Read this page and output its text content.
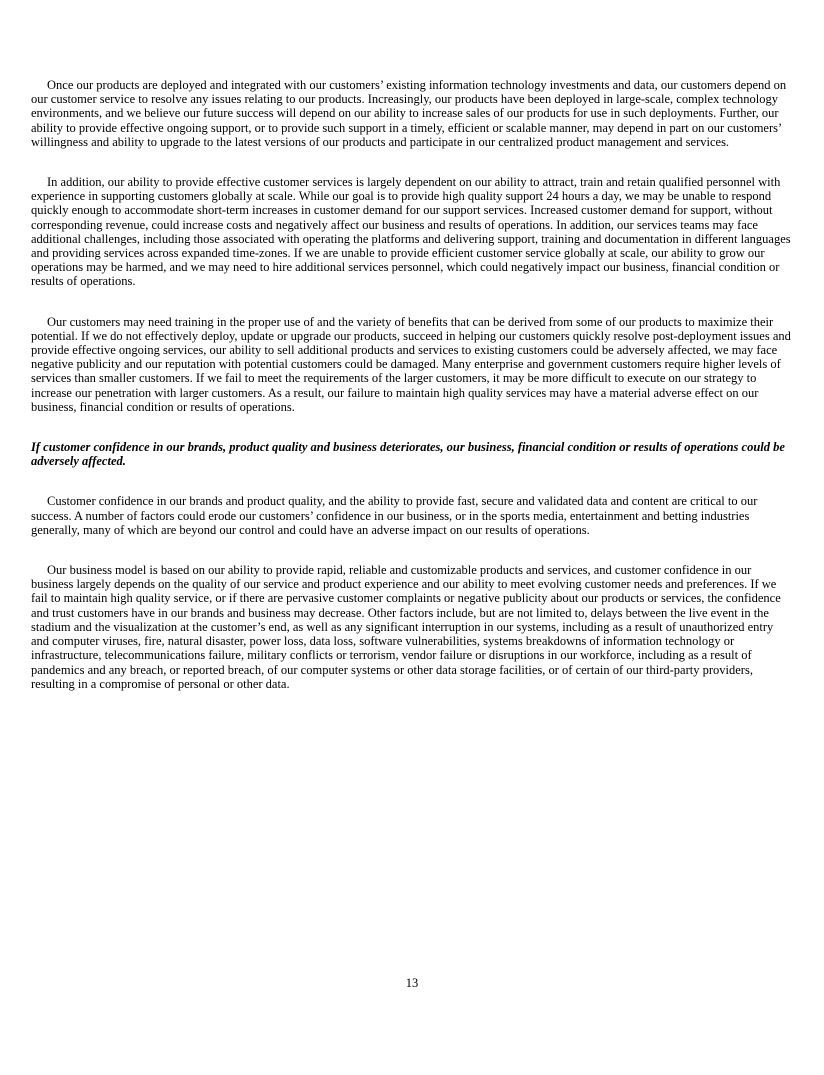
Once our products are deployed and integrated with our customers’ existing information technology investments and data, our customers depend on our customer service to resolve any issues relating to our products. Increasingly, our products have been deployed in large-scale, complex technology environments, and we believe our future success will depend on our ability to increase sales of our products for use in such deployments. Further, our ability to provide effective ongoing support, or to provide such support in a timely, efficient or scalable manner, may depend in part on our customers’ willingness and ability to upgrade to the latest versions of our products and participate in our centralized product management and services.

In addition, our ability to provide effective customer services is largely dependent on our ability to attract, train and retain qualified personnel with experience in supporting customers globally at scale. While our goal is to provide high quality support 24 hours a day, we may be unable to respond quickly enough to accommodate short-term increases in customer demand for our support services. Increased customer demand for support, without corresponding revenue, could increase costs and negatively affect our business and results of operations. In addition, our services teams may face additional challenges, including those associated with operating the platforms and delivering support, training and documentation in different languages and providing services across expanded time-zones. If we are unable to provide efficient customer service globally at scale, our ability to grow our operations may be harmed, and we may need to hire additional services personnel, which could negatively impact our business, financial condition or results of operations.

Our customers may need training in the proper use of and the variety of benefits that can be derived from some of our products to maximize their potential. If we do not effectively deploy, update or upgrade our products, succeed in helping our customers quickly resolve post-deployment issues and provide effective ongoing services, our ability to sell additional products and services to existing customers could be adversely affected, we may face negative publicity and our reputation with potential customers could be damaged. Many enterprise and government customers require higher levels of services than smaller customers. If we fail to meet the requirements of the larger customers, it may be more difficult to execute on our strategy to increase our penetration with larger customers. As a result, our failure to maintain high quality services may have a material adverse effect on our business, financial condition or results of operations.

If customer confidence in our brands, product quality and business deteriorates, our business, financial condition or results of operations could be adversely affected.

Customer confidence in our brands and product quality, and the ability to provide fast, secure and validated data and content are critical to our success. A number of factors could erode our customers’ confidence in our business, or in the sports media, entertainment and betting industries generally, many of which are beyond our control and could have an adverse impact on our results of operations.

Our business model is based on our ability to provide rapid, reliable and customizable products and services, and customer confidence in our business largely depends on the quality of our service and product experience and our ability to meet evolving customer needs and preferences. If we fail to maintain high quality service, or if there are pervasive customer complaints or negative publicity about our products or services, the confidence and trust customers have in our brands and business may decrease. Other factors include, but are not limited to, delays between the live event in the stadium and the visualization at the customer’s end, as well as any significant interruption in our systems, including as a result of unauthorized entry and computer viruses, fire, natural disaster, power loss, data loss, software vulnerabilities, systems breakdowns of information technology or infrastructure, telecommunications failure, military conflicts or terrorism, vendor failure or disruptions in our workforce, including as a result of pandemics and any breach, or reported breach, of our computer systems or other data storage facilities, or of certain of our third-party providers, resulting in a compromise of personal or other data.

13
